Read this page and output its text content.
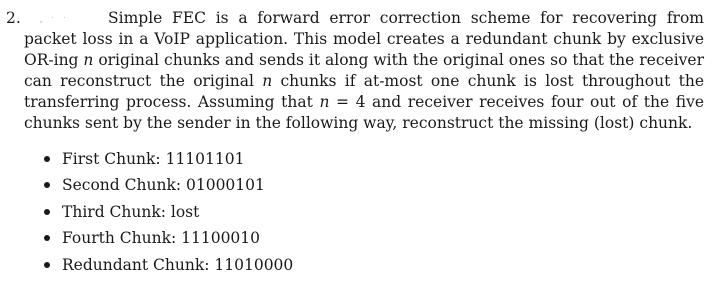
2.	ᵥ ˙ ˙	Simple FEC is a forward error correction scheme for recovering from packet loss in a VoIP application. This model creates a redundant chunk by exclusive OR-ing n original chunks and sends it along with the original ones so that the receiver can reconstruct the original n chunks if at-most one chunk is lost throughout the transferring process. Assuming that n = 4 and receiver receives four out of the five chunks sent by the sender in the following way, reconstruct the missing (lost) chunk.

First Chunk: 11101101
Second Chunk: 01000101
Third Chunk: lost
Fourth Chunk: 11100010
Redundant Chunk: 11010000
